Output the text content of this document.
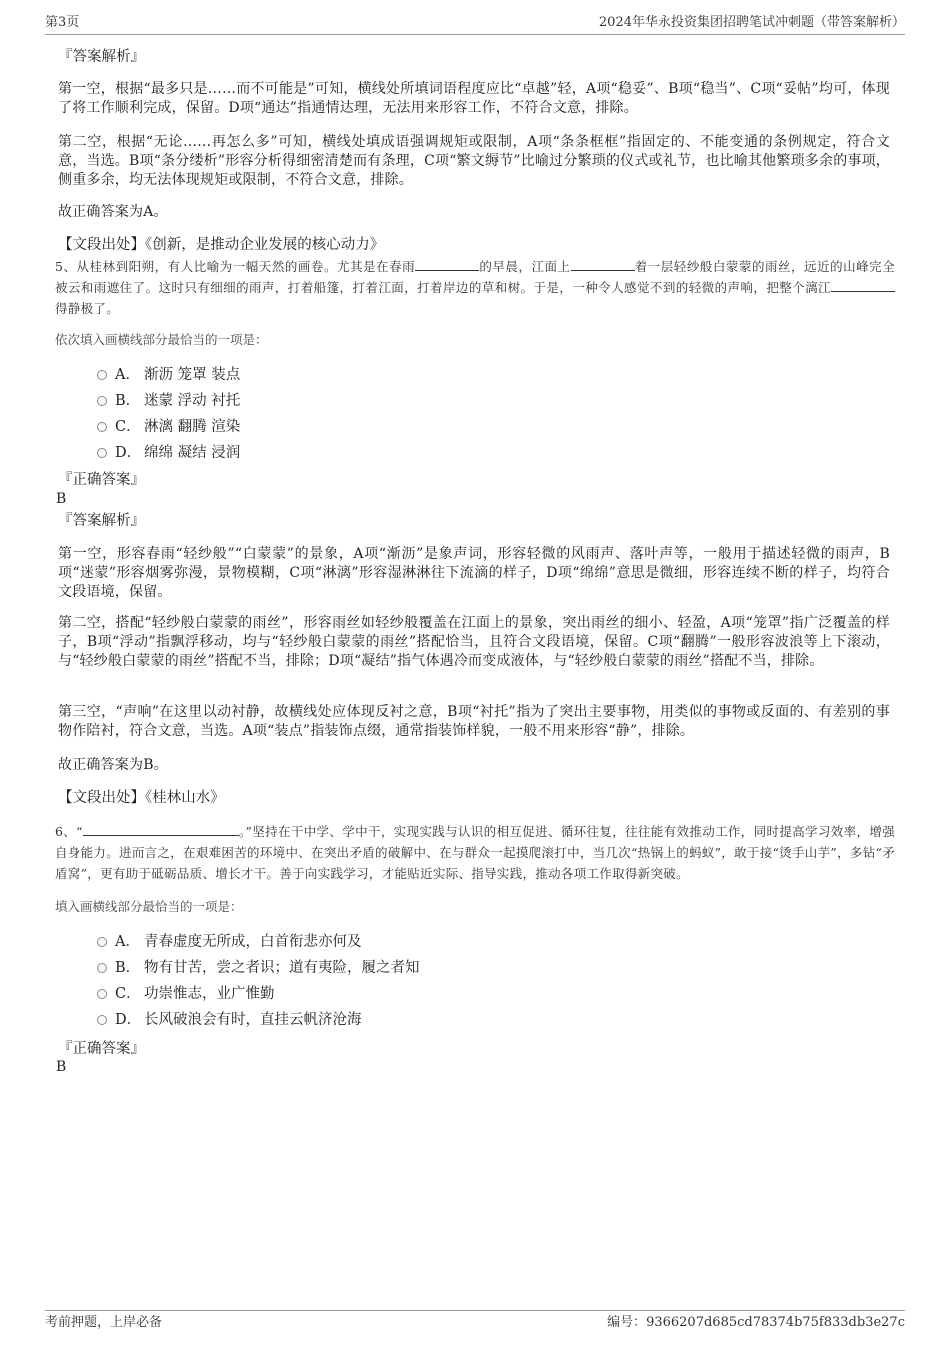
第3页	2024年华永投资集团招聘笔试冲刺题（带答案解析）
『答案解析』
第一空，根据“最多只是……而不可能是”可知，横线处所填词语程度应比“卓越”轻，A项“稳妥”、B项“稳当”、C项“妥帖”均可，体现了将工作顺利完成，保留。D项“通达”指通情达理，无法用来形容工作，不符合文意，排除。
第二空，根据“无论……再怎么多”可知，横线处填成语强调规矩或限制，A项“条条框框”指固定的、不能变通的条例规定，符合文意，当选。B项“条分缕析”形容分析得细密清楚而有条理，C项“繁文缛节”比喻过分繁琐的仪式或礼节，也比喻其他繁琐多余的事项，侧重多余，均无法体现规矩或限制，不符合文意，排除。
故正确答案为A。
【文段出处】《创新，是推动企业发展的核心动力》
5、从桂林到阳朔，有人比喻为一幅天然的画卷。尤其是在春雨	的早晨，江面上	着一层轻纱般白蒙蒙的雨丝，远近的山峰完全被云和雨遮住了。这时只有细细的雨声，打着船篷，打着江面，打着岸边的草和树。于是，一种令人感觉不到的轻微的声响，把整个漓江得静极了。
依次填入画横线部分最恰当的一项是：
A． 渐沥 笼罩 装点
B． 迷蒙 浮动 衬托
C． 淋漓 翻腾 渲染
D． 绵绵 凝结 浸润
『正确答案』
B
『答案解析』
第一空，形容春雨“轻纱般”“白蒙蒙”的景象，A项“渐沥”是象声词，形容轻微的风雨声、落叶声等，一般用于描述轻微的雨声，B项“迷蒙”形容烟雾弥漫，景物模糊，C项“淋漓”形容湿淋淋往下流滴的样子，D项“绵绵”意思是微细，形容连续不断的样子，均符合文段语境，保留。
第二空，搭配“轻纱般白蒙蒙的雨丝”，形容雨丝如轻纱般覆盖在江面上的景象，突出雨丝的细小、轻盈，A项“笼罩”指广泛覆盖的样子，B项“浮动”指飘浮移动，均与“轻纱般白蒙蒙的雨丝”搭配恰当，且符合文段语境，保留。C项“翻腾”一般形容波浪等上下滚动，与“轻纱般白蒙蒙的雨丝”搭配不当，排除；D项“凝结”指气体遇冷而变成液体，与“轻纱般白蒙蒙的雨丝”搭配不当，排除。
第三空，“声响”在这里以动衬静，故横线处应体现反衬之意，B项“衬托”指为了突出主要事物，用类似的事物或反面的、有差别的事物作陪衬，符合文意，当选。A项“装点”指装饰点缀，通常指装饰样貌，一般不用来形容“静”，排除。
故正确答案为B。
【文段出处】《桂林山水》
6、“	。”坚持在干中学、学中干，实现实践与认识的相互促进、循环往复，往往能有效推动工作，同时提高学习效率，增强自身能力。进而言之，在艰难困苦的环境中、在突出矛盾的破解中、在与群众一起摸爬滚打中，当几次“热锅上的蚂蚁”，敢于接“烫手山芋”，多钻“矛盾窝”，更有助于砥砺品质、增长才干。善于向实践学习，才能贴近实际、指导实践，推动各项工作取得新突破。
填入画横线部分最恰当的一项是：
A． 青春虚度无所成，白首衔悲亦何及
B． 物有甘苦，尝之者识；道有夷险，履之者知
C． 功崇惟志，业广惟勤
D． 长风破浪会有时，直挂云帆济沧海
『正确答案』
B
考前押题，上岸必备	编号：9366207d685cd78374b75f833db3e27c
